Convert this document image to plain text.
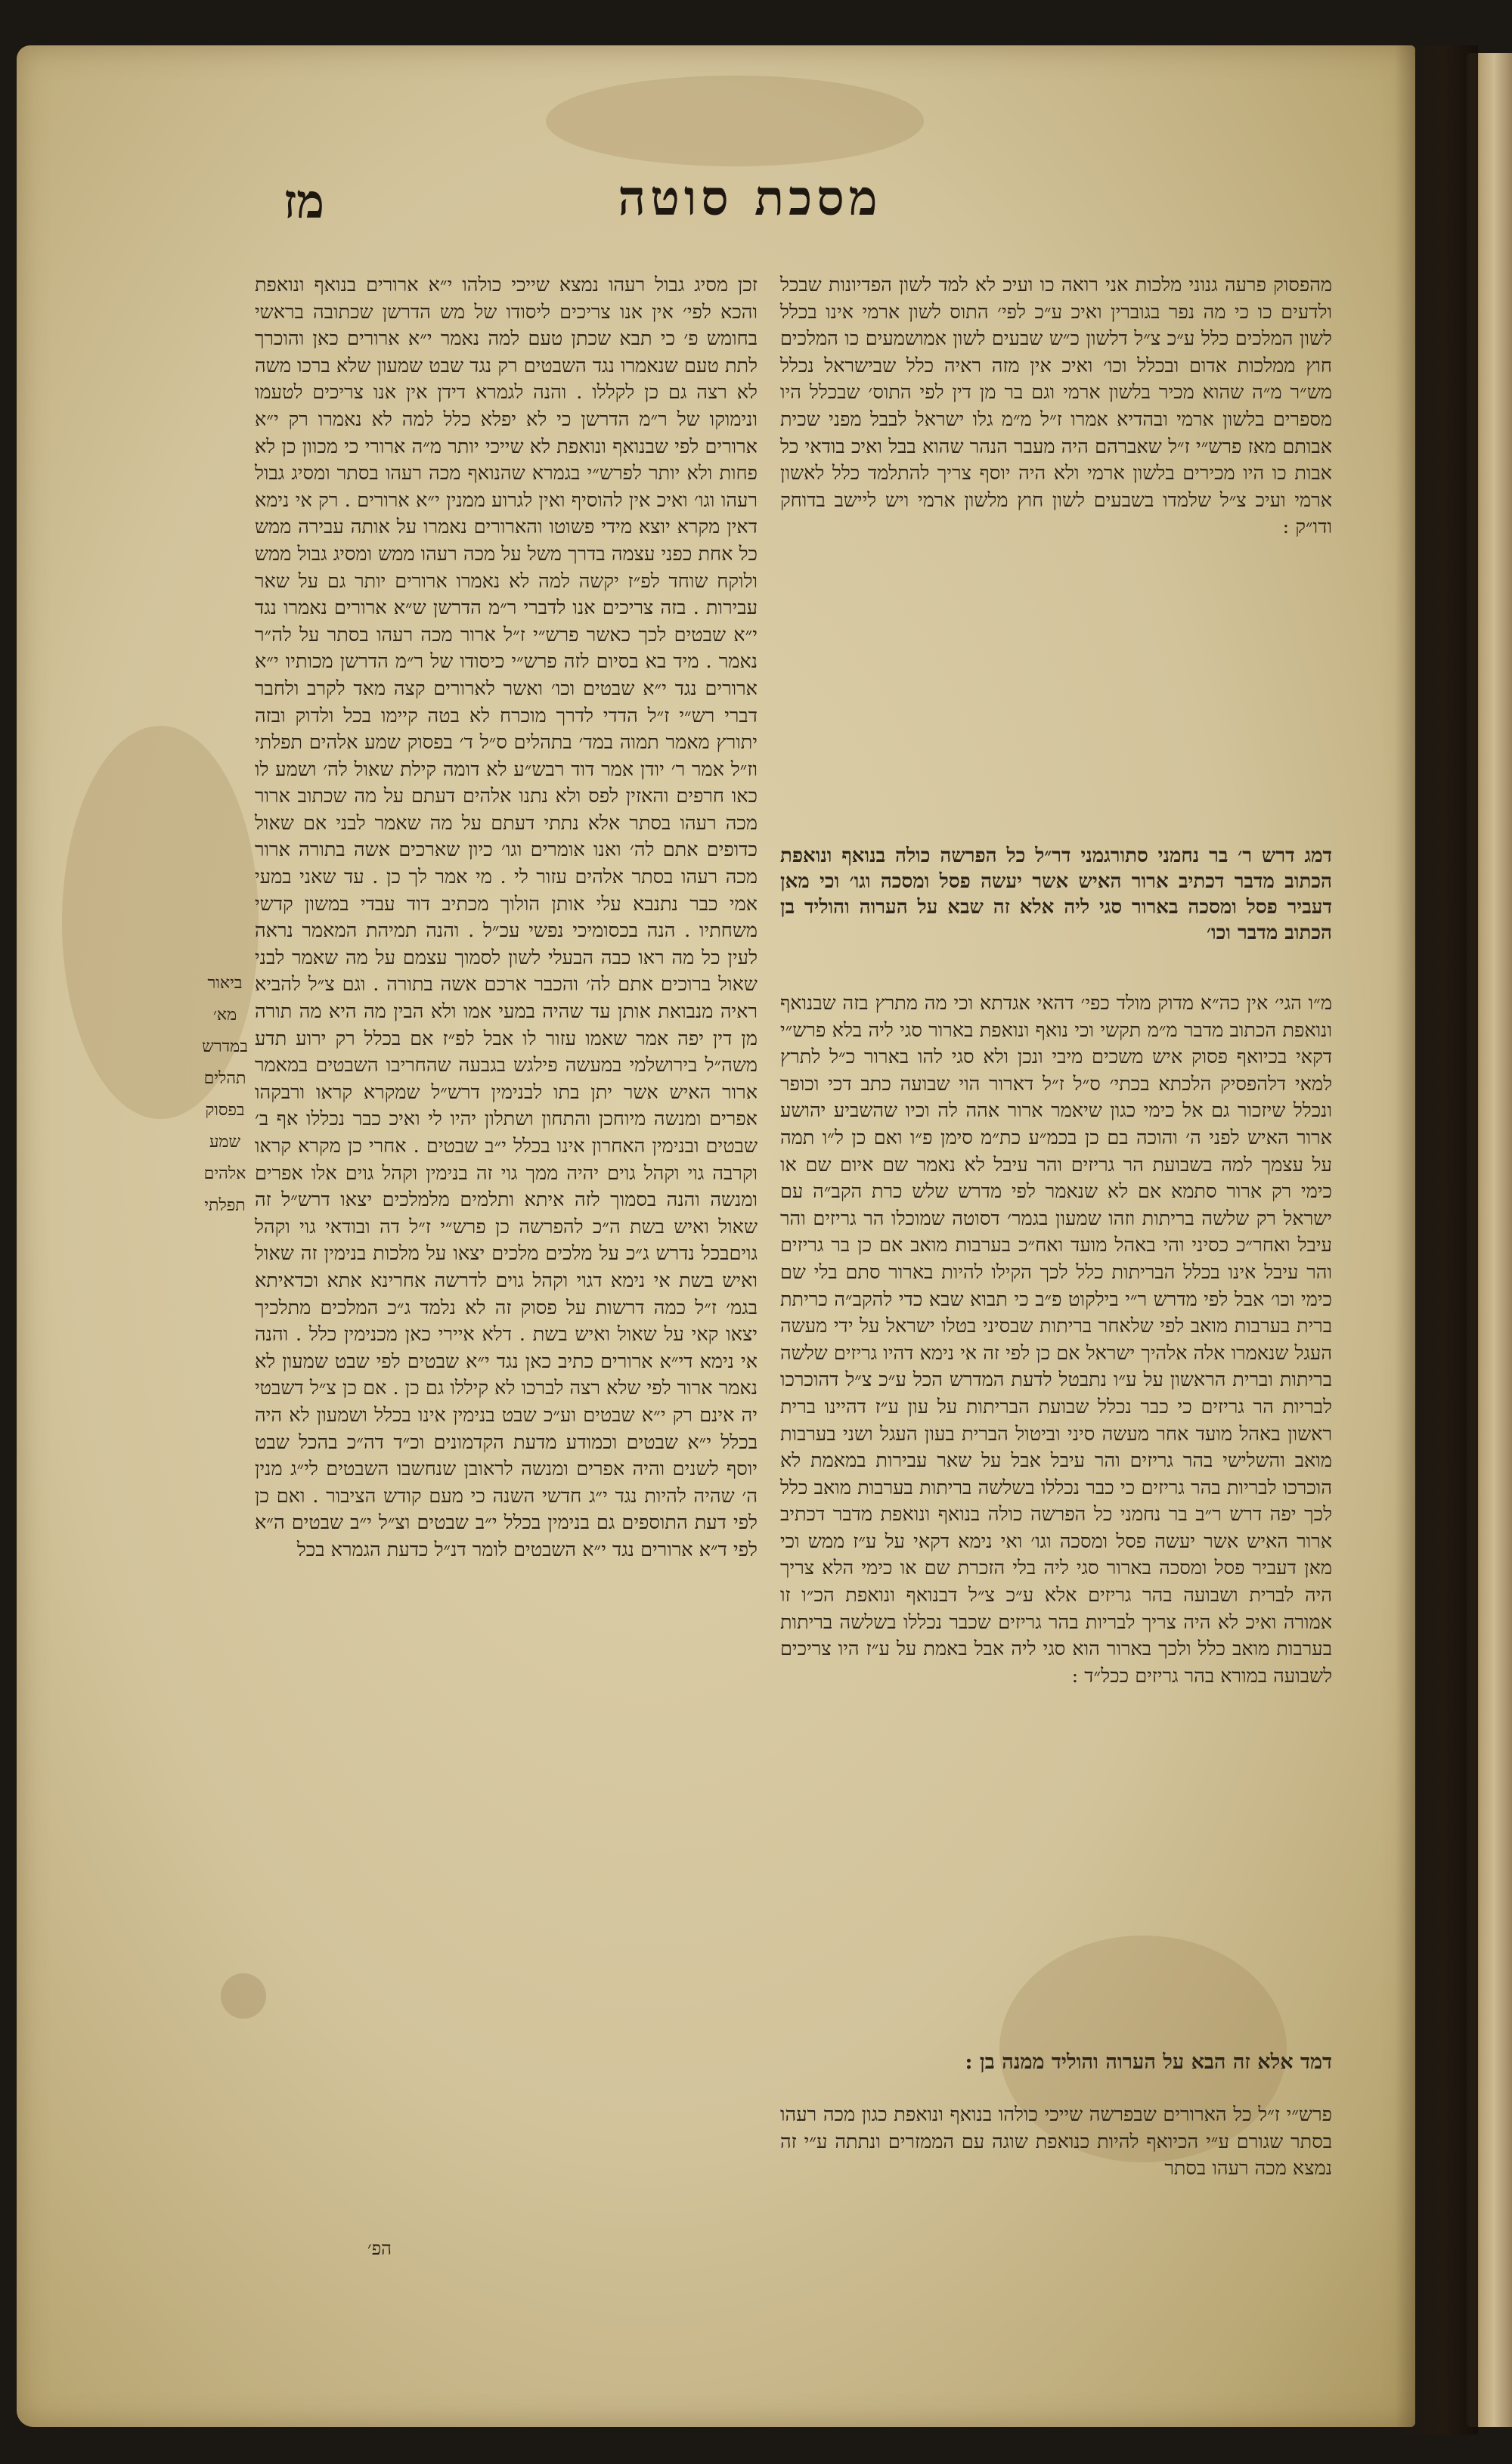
מסכת סוטה
מז

מהפסוק פרעה גנוני מלכות אני רואה כו ועיכ לא למד לשון הפדיונות שבכל ולדעים כו כי מה נפר בגוברין ואיכ ע״כ לפי׳ התוס לשון ארמי אינו בכלל לשון המלכים כלל ע״כ צ״ל דלשון כ״ש שבעים לשון אמושמעים כו המלכים חוץ ממלכות אדום ובכלל וכו׳ ואיכ אין מזה ראיה כלל שבישראל נכלל מש״ר מ״ה שהוא מכיר בלשון ארמי וגם בר מן דין לפי התוס׳ שבכלל היו מספרים בלשון ארמי ובהדיא אמרו ז״ל מ״מ גלו ישראל לבבל מפני שכית אבותם מאז פרש״י ז״ל שאברהם היה מעבר הנהר שהוא בבל ואיכ בודאי כל אבות כו היו מכירים בלשון ארמי ולא היה יוסף צריך להתלמד כלל לאשון ארמי ועיכ צ״ל שלמדו בשבעים לשון חוץ מלשון ארמי ויש ליישב בדוחק ודו״ק :

דמג דרש ר׳ בר נחמני סתורגמני דר״ל כל הפרשה כולה בנואף ונואפת הכתוב מדבר דכתיב ארור האיש אשר יעשה פסל ומסכה וגו׳ וכי מאן דעביר פסל ומסכה בארור סגי ליה אלא זה שבא על הערוה והוליד בן הכתוב מדבר וכו׳

מ״ו הגי׳ אין כה״א מדוק מולד כפי׳ דהאי אגדתא וכי מה מתרץ בזה שבנואף ונואפת הכתוב מדבר מ״מ תקשי וכי נואף ונואפת בארור סגי ליה בלא פרש״י דקאי בכיואף פסוק איש משכים מיבי ונכן ולא סגי להו בארור כ״ל לתרץ למאי דלהפסיק הלכתא בכתי׳ ס״ל ז״ל דארור הוי שבועה כתב דכי וכופר ונכלל שיזכור גם אל כימי כגון שיאמר ארור אהה לה וכיו שהשביע יהושע ארור האיש לפני ה׳ והוכה בם כן בכמ״ע כת״מ סימן פ״ו ואם כן ל״ו תמה על עצמך למה בשבועת הר גריזים והר עיבל לא נאמר שם איום שם או כימי רק ארור סתמא אם לא שנאמר לפי מדרש שלש כרת הקב״ה עם ישראל רק שלשה בריתות וזהו שמעון בגמר׳ דסוטה שמוכלו הר גריזים והר עיבל ואחר״כ כסיני והי באהל מועד ואח״כ בערבות מואב אם כן בר גריזים והר עיבל אינו בכלל הבריתות כלל לכך הקילו להיות בארור סתם בלי שם כימי וכו׳ אבל לפי מדרש ר״י בילקוט פ״ב כי תבוא שבא כדי להקב״ה כריתת ברית בערבות מואב לפי שלאחר בריתות שבסיני בטלו ישראל על ידי מעשה העגל שנאמרו אלה אלהיך ישראל אם כן לפי זה אי נימא דהיו גריזים שלשה בריתות וברית הראשון על ע״ו נתבטל לדעת המדרש הכל ע״כ צ״ל דהוכרכו לבריות הר גריזים כי כבר נכלל שבועת הבריתות על עון ע״ז דהיינו ברית ראשון באהל מועד אחר מעשה סיני וביטול הברית בעון העגל ושני בערבות מואב והשלישי בהר גריזים והר עיבל אבל על שאר עבירות במאמת לא הוכרכו לבריות בהר גריזים כי כבר נכללו בשלשה בריתות בערבות מואב כלל לכך יפה דרש ר״ב בר נחמני כל הפרשה כולה בנואף ונואפת מדבר דכתיב ארור האיש אשר יעשה פסל ומסכה וגו׳ ואי נימא דקאי על ע״ז ממש וכי מאן דעביר פסל ומסכה בארור סגי ליה בלי הזכרת שם או כימי הלא צריך היה לברית ושבועה בהר גריזים אלא ע״כ צ״ל דבנואף ונואפת הכ״ו זו אמורה ואיכ לא היה צריך לבריות בהר גריזים שכבר נכללו בשלשה בריתות בערבות מואב כלל ולכך בארור הוא סגי ליה אבל באמת על ע״ז היו צריכים לשבועה במורא בהר גריזים ככל״ד :

דמד אלא זה הבא על הערוה והוליד ממנה בן :

פרש״י ז״ל כל הארורים שבפרשה שייכי כולהו בנואף ונואפת כגון מכה רעהו בסתר שגורם ע״י הכיואף להיות כנואפת שוגה עם הממזרים ונתתה ע״י זה נמצא מכה רעהו בסתר

זכן מסיג גבול רעהו נמצא שייכי כולהו י״א ארורים בנואף ונואפת והכא לפי׳ אין אנו צריכים ליסודו של מש הדרשן שכתובה בראשי בחומש פ׳ כי תבא שכתן טעם למה נאמר י״א ארורים כאן והוכרך לתת טעם שנאמרו נגד השבטים רק נגד שבט שמעון שלא ברכו משה לא רצה גם כן לקללו . והנה לגמרא דידן אין אנו צריכים לטעמו ונימוקו של ר״מ הדרשן כי לא יפלא כלל למה לא נאמרו רק י״א ארורים לפי שבנואף ונואפת לא שייכי יותר מ״ה ארורי כי מכוון כן לא פחות ולא יותר לפרש״י בגמרא שהנואף מכה רעהו בסתר ומסיג גבול רעהו וגו׳ ואיכ אין להוסיף ואין לגרוע ממנין י״א ארורים . רק אי נימא דאין מקרא יוצא מידי פשוטו והארורים נאמרו על אותה עבירה ממש כל אחת כפני עצמה בדרך משל על מכה רעהו ממש ומסיג גבול ממש ולוקח שוחד לפ״ז יקשה למה לא נאמרו ארורים יותר גם על שאר עבירות . בזה צריכים אנו לדברי ר״מ הדרשן ש״א ארורים נאמרו נגד י״א שבטים לכך כאשר פרש״י ז״ל ארור מכה רעהו בסתר על לה״ר נאמר . מיד בא בסיום לזה פרש״י כיסודו של ר״מ הדרשן מכותיו י״א ארורים נגד י״א שבטים וכו׳ ואשר לארורים קצה מאד לקרב ולחבר דברי רש״י ז״ל הדדי לדרך מוכרח לא בטה קיימו בכל ולדוק ובזה יתורץ מאמר תמוה במד׳ בתהלים ס״ל ד׳ בפסוק שמע אלהים תפלתי וז״ל אמר ר׳ יודן אמר דוד רבש״ע לא דומה קילת שאול לה׳ ושמע לו כאו חרפים והאזין לפס ולא נתנו אלהים דעתם על מה שכתוב ארור מכה רעהו בסתר אלא נתתי דעתם על מה שאמר לבני אם שאול כדופים אתם לה׳ ואנו אומרים וגו׳ כיון שארכים אשה בתורה ארור מכה רעהו בסתר אלהים עזור לי . מי אמר לך כן . עד שאני במעי אמי כבר נתנבא עלי אותן הולוך מכתיב דוד עבדי במשון קדשי משחתיו . הנה בכסומיכי נפשי עכ״ל . והנה תמיהת המאמר נראה לעין כל מה ראו כבה הבעלי לשון לסמוך עצמם על מה שאמר לבני שאול ברוכים אתם לה׳ והכבר ארכם אשה בתורה . וגם צ״ל להביא ראיה מנבואת אותן עד שהיה במעי אמו ולא הבין מה היא מה תורה מן דין יפה אמר שאמו עזור לו אבל לפ״ז אם בכלל רק ירוע תדע משה״ל בירושלמי במעשה פילגש בגבעה שהחריבו השבטים במאמר ארור האיש אשר יתן בתו לבנימין דרש״ל שמקרא קראו ורבקהו אפרים ומנשה מיוחכן והתחון ושתלון יהיו לי ואיכ כבר נכללו אף ב׳ שבטים ובנימין האחרון אינו בכלל י״ב שבטים . אחרי כן מקרא קראו וקרבה גוי וקהל גוים יהיה ממך גוי זה בנימין וקהל גוים אלו אפרים ומנשה והנה בסמוך לזה איתא ותלמים מלמלכים יצאו דרש״ל זה שאול ואיש בשת ה״כ להפרשה כן פרש״י ז״ל דה ובודאי גוי וקהל גויםבכל נדרש ג״כ על מלכים מלכים יצאו על מלכות בנימין זה שאול ואיש בשת אי נימא דגוי וקהל גוים לדרשה אחרינא אתא וכדאיתא בגמ׳ ז״ל כמה דרשות על פסוק זה לא נלמד ג״כ המלכים מתלכיך יצאו קאי על שאול ואיש בשת . דלא איירי כאן מכנימין כלל . והנה אי נימא די״א ארורים כתיב כאן נגד י״א שבטים לפי שבט שמעון לא נאמר ארור לפי שלא רצה לברכו לא קיללו גם כן . אם כן צ״ל דשבטי יה אינם רק י״א שבטים וע״כ שבט בנימין אינו בכלל ושמעון לא היה בכלל י״א שבטים וכמודע מדעת הקדמונים וכ״ד דה״כ בהכל שבט יוסף לשנים והיה אפרים ומנשה לראובן שנחשבו השבטים לי״ג מנין ה׳ שהיה להיות נגד י״ג חדשי השנה כי מעם קודש הציבור . ואם כן לפי דעת התוספים גם בנימין בכלל י״ב שבטים וצ״ל י״ב שבטים ה״א לפי ד״א ארורים נגד י״א השבטים לומר דנ״ל כדעת הגמרא בכל

ביאור מא׳ במדרש תהלים בפסוק שמע אלהים תפלתי
הפ׳
